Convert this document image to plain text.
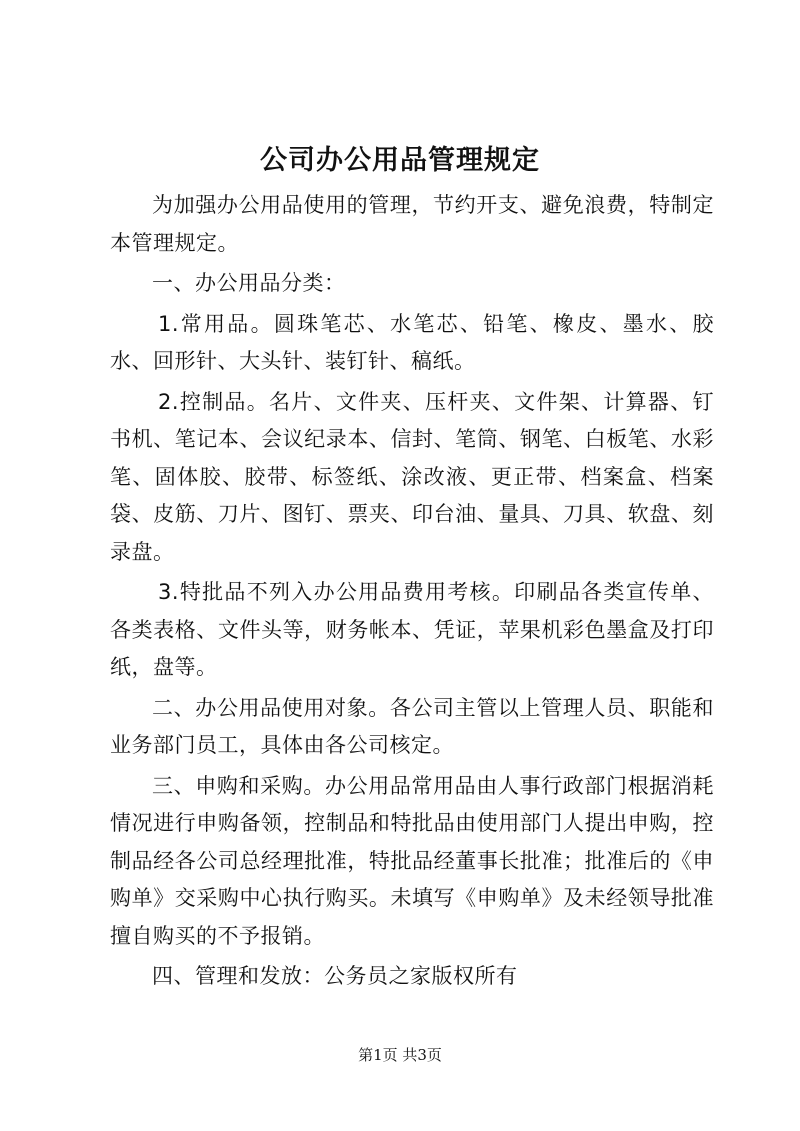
公司办公用品管理规定

为加强办公用品使用的管理，节约开支、避免浪费，特制定本管理规定。

一、办公用品分类：

1.常用品。圆珠笔芯、水笔芯、铅笔、橡皮、墨水、胶水、回形针、大头针、装钉针、稿纸。

2.控制品。名片、文件夹、压杆夹、文件架、计算器、钉书机、笔记本、会议纪录本、信封、笔筒、钢笔、白板笔、水彩笔、固体胶、胶带、标签纸、涂改液、更正带、档案盒、档案袋、皮筋、刀片、图钉、票夹、印台油、量具、刀具、软盘、刻录盘。

3.特批品不列入办公用品费用考核。印刷品各类宣传单、各类表格、文件头等，财务帐本、凭证，苹果机彩色墨盒及打印纸，盘等。

二、办公用品使用对象。各公司主管以上管理人员、职能和业务部门员工，具体由各公司核定。

三、申购和采购。办公用品常用品由人事行政部门根据消耗情况进行申购备领，控制品和特批品由使用部门人提出申购，控制品经各公司总经理批准，特批品经董事长批准；批准后的《申购单》交采购中心执行购买。未填写《申购单》及未经领导批准擅自购买的不予报销。

四、管理和发放：公务员之家版权所有

第1页 共3页
